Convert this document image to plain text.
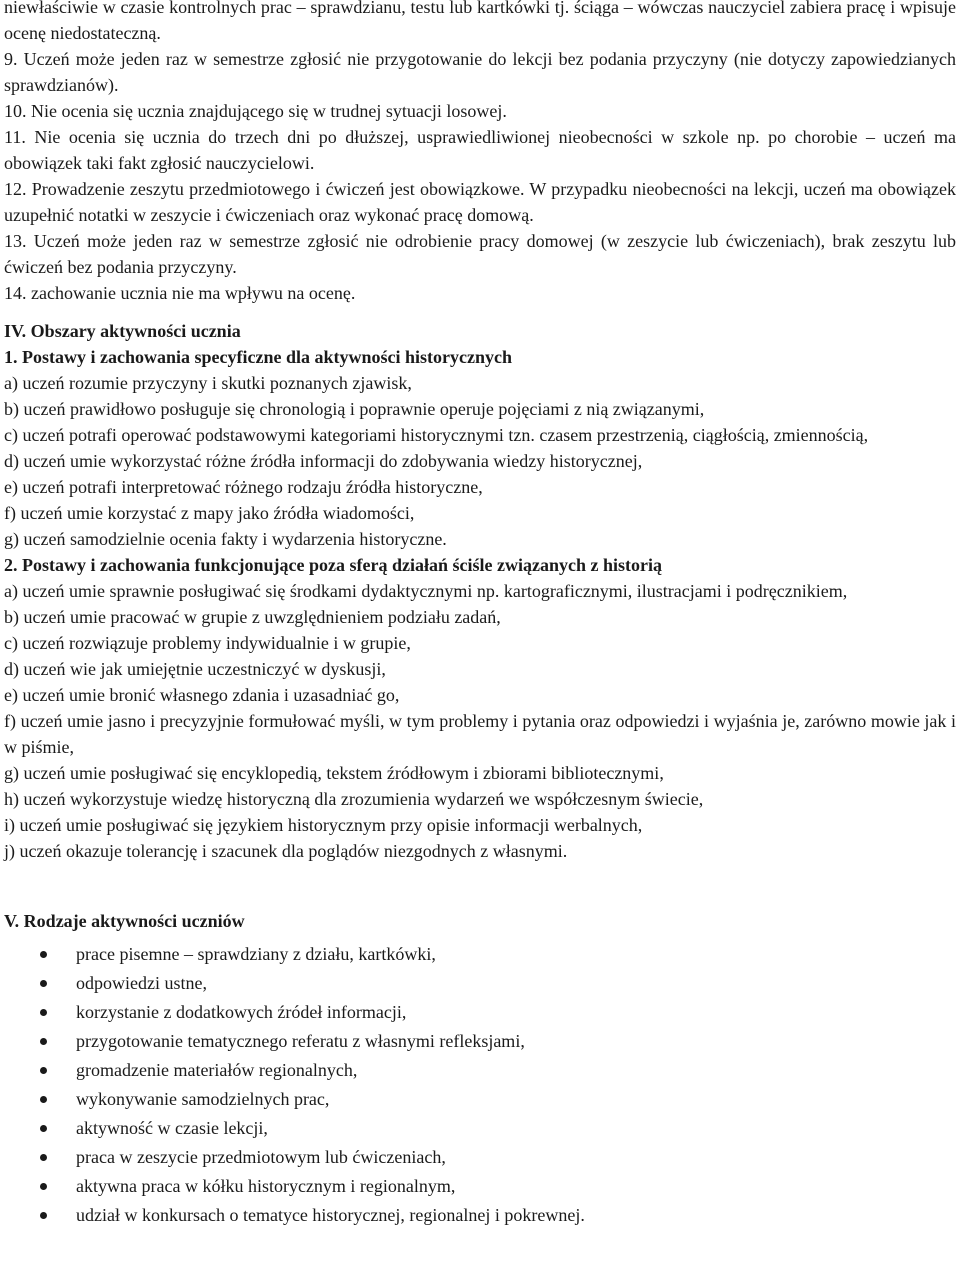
niewłaściwie w czasie kontrolnych prac – sprawdzianu, testu lub kartkówki tj. ściąga – wówczas nauczyciel zabiera pracę i wpisuje ocenę niedostateczną.

9. Uczeń może jeden raz w semestrze zgłosić nie przygotowanie do lekcji bez podania przyczyny (nie dotyczy zapowiedzianych sprawdzianów).

10. Nie ocenia się ucznia znajdującego się w trudnej sytuacji losowej.

11. Nie ocenia się ucznia do trzech dni po dłuższej, usprawiedliwionej nieobecności w szkole np. po chorobie – uczeń ma obowiązek taki fakt zgłosić nauczycielowi.

12. Prowadzenie zeszytu przedmiotowego i ćwiczeń jest obowiązkowe. W przypadku nieobecności na lekcji, uczeń ma obowiązek uzupełnić notatki w zeszycie i ćwiczeniach oraz wykonać pracę domową.

13. Uczeń może jeden raz w semestrze zgłosić nie odrobienie pracy domowej (w zeszycie lub ćwiczeniach), brak zeszytu lub ćwiczeń bez podania przyczyny.

14. zachowanie ucznia nie ma wpływu na ocenę.

IV. Obszary aktywności ucznia

1. Postawy i zachowania specyficzne dla aktywności historycznych

a) uczeń rozumie przyczyny i skutki poznanych zjawisk,

b) uczeń prawidłowo posługuje się chronologią i poprawnie operuje pojęciami z nią związanymi,

c) uczeń potrafi operować podstawowymi kategoriami historycznymi tzn. czasem przestrzenią, ciągłością, zmiennością,

d) uczeń umie wykorzystać różne źródła informacji do zdobywania wiedzy historycznej,

e) uczeń potrafi interpretować różnego rodzaju źródła historyczne,

f) uczeń umie korzystać z mapy jako źródła wiadomości,

g) uczeń samodzielnie ocenia fakty i wydarzenia historyczne.

2. Postawy i zachowania funkcjonujące poza sferą działań ściśle związanych z historią

a) uczeń umie sprawnie posługiwać się środkami dydaktycznymi np. kartograficznymi, ilustracjami i podręcznikiem,

b) uczeń umie pracować w grupie z uwzględnieniem podziału zadań,

c) uczeń rozwiązuje problemy indywidualnie i w grupie,

d) uczeń wie jak umiejętnie uczestniczyć w dyskusji,

e) uczeń umie bronić własnego zdania i uzasadniać go,

f) uczeń umie jasno i precyzyjnie formułować myśli, w tym problemy i pytania oraz odpowiedzi i wyjaśnia je, zarówno mowie jak i w piśmie,

g) uczeń umie posługiwać się encyklopedią, tekstem źródłowym i zbiorami bibliotecznymi,

h) uczeń wykorzystuje wiedzę historyczną dla zrozumienia wydarzeń we współczesnym świecie,

i) uczeń umie posługiwać się językiem historycznym przy opisie informacji werbalnych,

j) uczeń okazuje tolerancję i szacunek dla poglądów niezgodnych z własnymi.

V. Rodzaje aktywności uczniów

prace pisemne – sprawdziany z działu, kartkówki,
odpowiedzi ustne,
korzystanie z dodatkowych źródeł informacji,
przygotowanie tematycznego referatu z własnymi refleksjami,
gromadzenie materiałów regionalnych,
wykonywanie samodzielnych prac,
aktywność w czasie lekcji,
praca w zeszycie przedmiotowym lub ćwiczeniach,
aktywna praca w kółku historycznym i regionalnym,
udział w konkursach o tematyce historycznej, regionalnej i pokrewnej.
